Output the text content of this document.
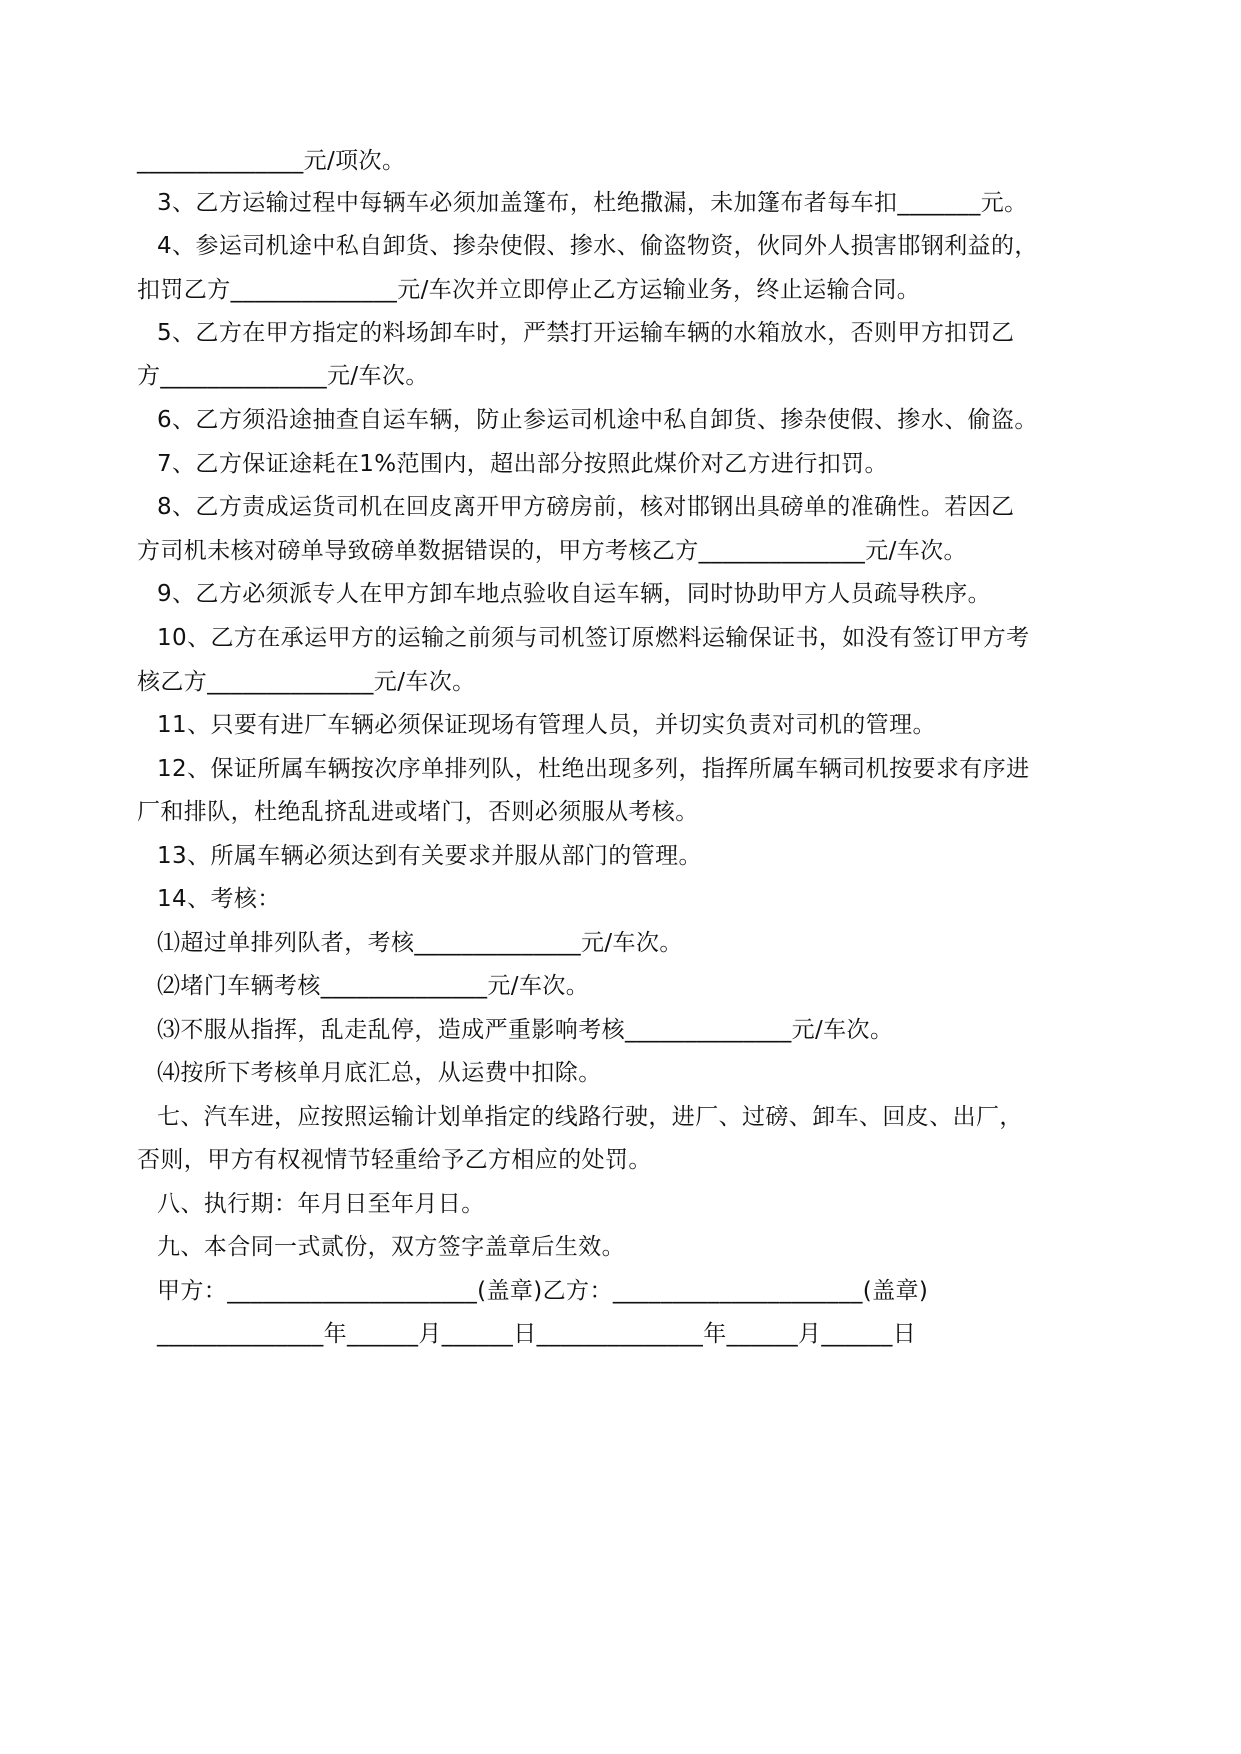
______________元/项次。
3、乙方运输过程中每辆车必须加盖篷布，杜绝撒漏，未加篷布者每车扣_______元。
4、参运司机途中私自卸货、掺杂使假、掺水、偷盗物资，伙同外人损害邯钢利益的，
扣罚乙方______________元/车次并立即停止乙方运输业务，终止运输合同。
5、乙方在甲方指定的料场卸车时，严禁打开运输车辆的水箱放水，否则甲方扣罚乙
方______________元/车次。
6、乙方须沿途抽查自运车辆，防止参运司机途中私自卸货、掺杂使假、掺水、偷盗。
7、乙方保证途耗在1%范围内，超出部分按照此煤价对乙方进行扣罚。
8、乙方责成运货司机在回皮离开甲方磅房前，核对邯钢出具磅单的准确性。若因乙
方司机未核对磅单导致磅单数据错误的，甲方考核乙方______________元/车次。
9、乙方必须派专人在甲方卸车地点验收自运车辆，同时协助甲方人员疏导秩序。
10、乙方在承运甲方的运输之前须与司机签订原燃料运输保证书，如没有签订甲方考
核乙方______________元/车次。
11、只要有进厂车辆必须保证现场有管理人员，并切实负责对司机的管理。
12、保证所属车辆按次序单排列队，杜绝出现多列，指挥所属车辆司机按要求有序进
厂和排队，杜绝乱挤乱进或堵门，否则必须服从考核。
13、所属车辆必须达到有关要求并服从部门的管理。
14、考核：
⑴超过单排列队者，考核______________元/车次。
⑵堵门车辆考核______________元/车次。
⑶不服从指挥，乱走乱停，造成严重影响考核______________元/车次。
⑷按所下考核单月底汇总，从运费中扣除。
七、汽车进，应按照运输计划单指定的线路行驶，进厂、过磅、卸车、回皮、出厂，
否则，甲方有权视情节轻重给予乙方相应的处罚。
八、执行期：年月日至年月日。
九、本合同一式贰份，双方签字盖章后生效。
甲方：_____________________(盖章)乙方：_____________________(盖章)
______________年______月______日______________年______月______日
